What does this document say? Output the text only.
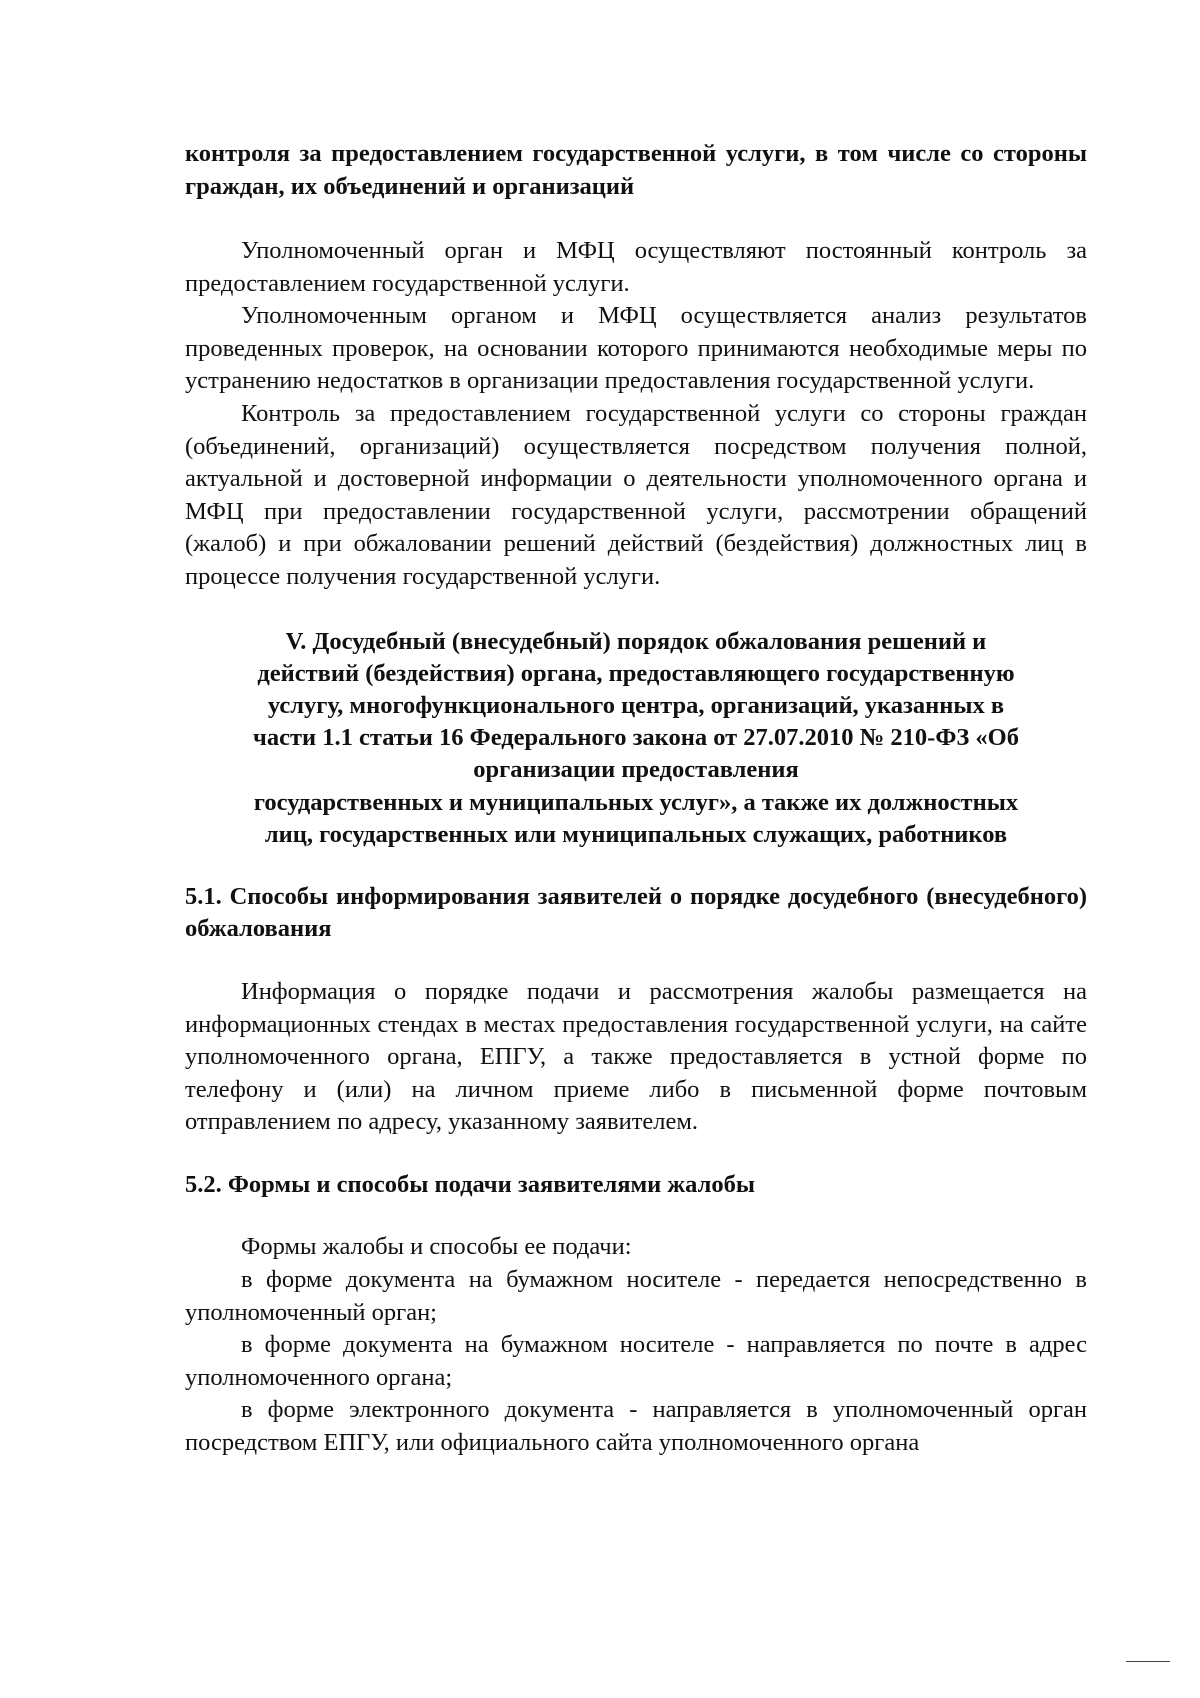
контроля за предоставлением государственной услуги, в том числе со стороны граждан, их объединений и организаций

Уполномоченный орган и МФЦ осуществляют постоянный контроль за предоставлением государственной услуги.

Уполномоченным органом и МФЦ осуществляется анализ результатов проведенных проверок, на основании которого принимаются необходимые меры по устранению недостатков в организации предоставления государственной услуги.

Контроль за предоставлением государственной услуги со стороны граждан (объединений, организаций) осуществляется посредством получения полной, актуальной и достоверной информации о деятельности уполномоченного органа и МФЦ при предоставлении государственной услуги, рассмотрении обращений (жалоб) и при обжаловании решений действий (бездействия) должностных лиц в процессе получения государственной услуги.

V. Досудебный (внесудебный) порядок обжалования решений и

действий (бездействия) органа, предоставляющего государственную

услугу, многофункционального центра, организаций, указанных в

части 1.1 статьи 16 Федерального закона от 27.07.2010 № 210-ФЗ «Об

организации предоставления

государственных и муниципальных услуг», а также их должностных

лиц, государственных или муниципальных служащих, работников

5.1. Способы информирования заявителей о порядке досудебного (внесудебного) обжалования

Информация о порядке подачи и рассмотрения жалобы размещается на информационных стендах в местах предоставления государственной услуги, на сайте уполномоченного органа, ЕПГУ, а также предоставляется в устной форме по телефону и (или) на личном приеме либо в письменной форме почтовым отправлением по адресу, указанному заявителем.

5.2. Формы и способы подачи заявителями жалобы

Формы жалобы и способы ее подачи:

в форме документа на бумажном носителе - передается непосредственно в уполномоченный орган;

в форме документа на бумажном носителе - направляется по почте в адрес уполномоченного органа;

в форме электронного документа - направляется в уполномоченный орган посредством ЕПГУ, или официального сайта уполномоченного органа
